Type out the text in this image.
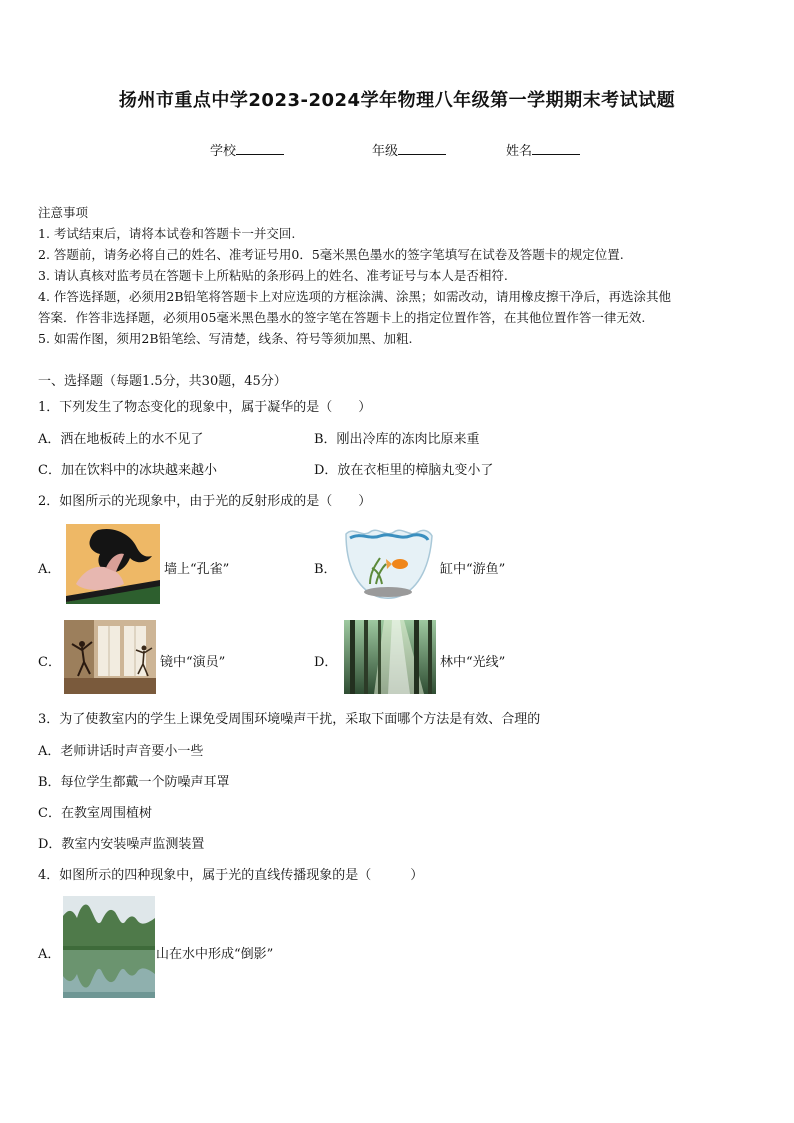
扬州市重点中学2023-2024学年物理八年级第一学期期末考试试题
学校	年级	姓名
注意事项
1. 考试结束后，请将本试卷和答题卡一并交回.
2. 答题前，请务必将自己的姓名、准考证号用0．5毫米黑色墨水的签字笔填写在试卷及答题卡的规定位置.
3. 请认真核对监考员在答题卡上所粘贴的条形码上的姓名、准考证号与本人是否相符.
4. 作答选择题，必须用2B铅笔将答题卡上对应选项的方框涂满、涂黑；如需改动，请用橡皮擦干净后，再选涂其他
答案．作答非选择题，必须用05毫米黑色墨水的签字笔在答题卡上的指定位置作答，在其他位置作答一律无效.
5. 如需作图，须用2B铅笔绘、写清楚，线条、符号等须加黑、加粗.
一、选择题（每题1.5分，共30题，45分）
1．下列发生了物态变化的现象中，属于凝华的是（　　）
A．洒在地板砖上的水不见了	B．刚出冷库的冻肉比原来重
C．加在饮料中的冰块越来越小	D．放在衣柜里的樟脑丸变小了
2．如图所示的光现象中，由于光的反射形成的是（　　）
A．	墙上“孔雀”	B．	缸中“游鱼”
C．	镜中“演员”	D．	林中“光线”
3．为了使教室内的学生上课免受周围环境噪声干扰，采取下面哪个方法是有效、合理的
A．老师讲话时声音要小一些
B．每位学生都戴一个防噪声耳罩
C．在教室周围植树
D．教室内安装噪声监测装置
4．如图所示的四种现象中，属于光的直线传播现象的是（　　　）
A．	山在水中形成“倒影”
